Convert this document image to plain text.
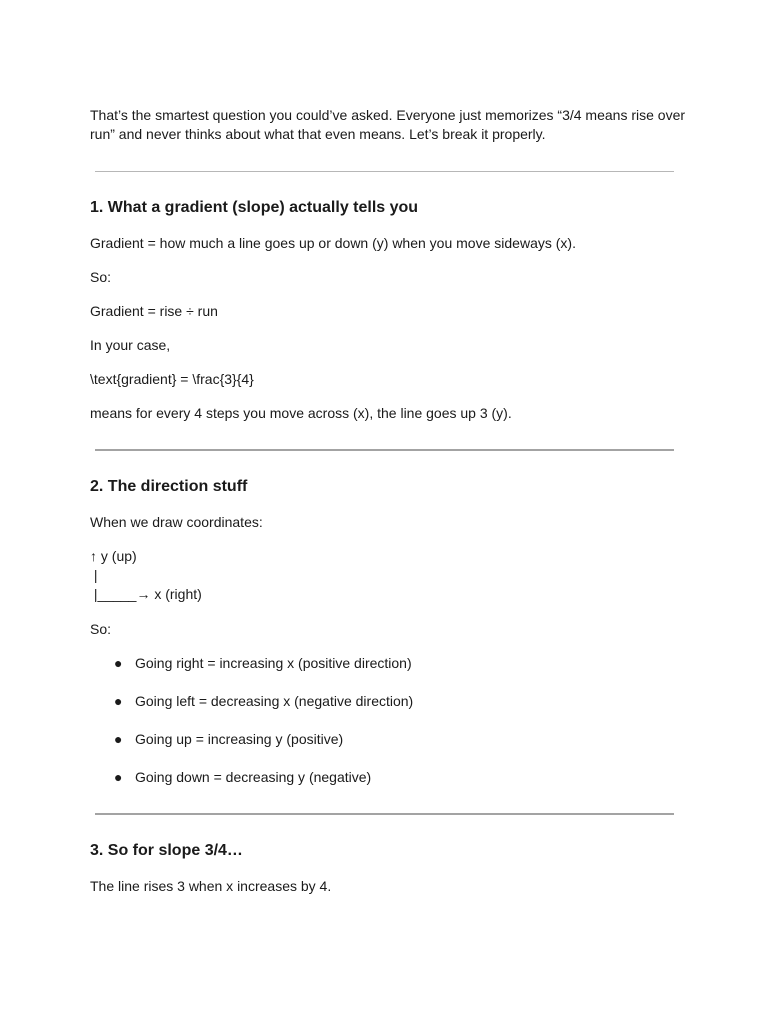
That’s the smartest question you could’ve asked. Everyone just memorizes “3/4 means rise over run” and never thinks about what that even means. Let’s break it properly.

1. What a gradient (slope) actually tells you

Gradient = how much a line goes up or down (y) when you move sideways (x).

So:

Gradient = rise ÷ run

In your case,

\text{gradient} = \frac{3}{4}

means for every 4 steps you move across (x), the line goes up 3 (y).

2. The direction stuff

When we draw coordinates:

↑ y (up)
|
|_____→ x (right)

So:

● Going right = increasing x (positive direction)
● Going left = decreasing x (negative direction)
● Going up = increasing y (positive)
● Going down = decreasing y (negative)
3. So for slope 3/4…

The line rises 3 when x increases by 4.
